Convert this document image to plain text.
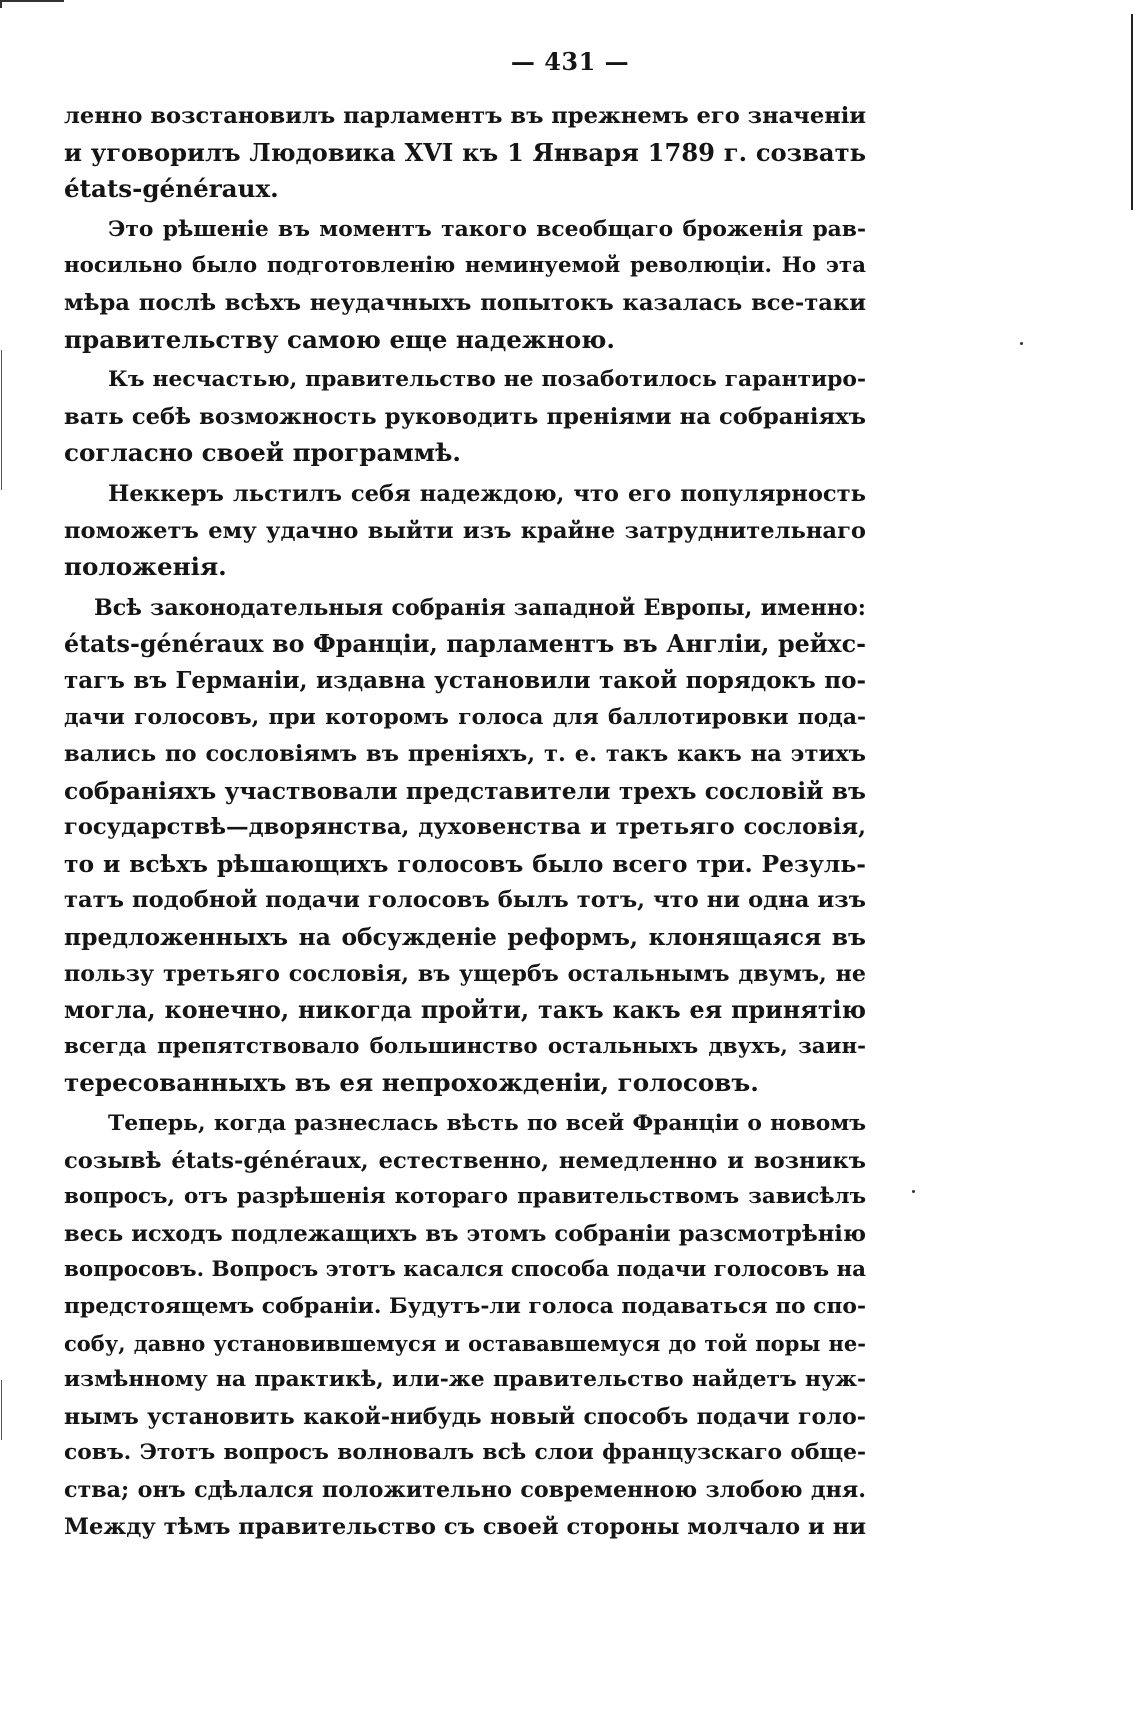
— 431 —
ленно возстановилъ парламентъ въ прежнемъ его значеніи
и уговорилъ Людовика XVI къ 1 Января 1789 г. созвать
états-généraux.
Это рѣшеніе въ моментъ такого всеобщаго броженія рав-
носильно было подготовленію неминуемой революціи. Но эта
мѣра послѣ всѣхъ неудачныхъ попытокъ казалась все-таки
правительству самою еще надежною.
Къ несчастью, правительство не позаботилось гарантиро-
вать себѣ возможность руководить преніями на собраніяхъ
согласно своей программѣ.
Неккеръ льстилъ себя надеждою, что его популярность
поможетъ ему удачно выйти изъ крайне затруднительнаго
положенія.
Всѣ законодательныя собранія западной Европы, именно:
états-généraux во Франціи, парламентъ въ Англіи, рейхс-
тагъ въ Германіи, издавна установили такой порядокъ по-
дачи голосовъ, при которомъ голоса для баллотировки пода-
вались по сословіямъ въ преніяхъ, т. е. такъ какъ на этихъ
собраніяхъ участвовали представители трехъ сословій въ
государствѣ—дворянства, духовенства и третьяго сословія,
то и всѣхъ рѣшающихъ голосовъ было всего три. Резуль-
татъ подобной подачи голосовъ былъ тотъ, что ни одна изъ
предложенныхъ на обсужденіе реформъ, клонящаяся въ
пользу третьяго сословія, въ ущербъ остальнымъ двумъ, не
могла, конечно, никогда пройти, такъ какъ ея принятію
всегда препятствовало большинство остальныхъ двухъ, заин-
тересованныхъ въ ея непрохожденіи, голосовъ.
Теперь, когда разнеслась вѣсть по всей Франціи о новомъ
созывѣ états-généraux, естественно, немедленно и возникъ
вопросъ, отъ разрѣшенія котораго правительствомъ зависѣлъ
весь исходъ подлежащихъ въ этомъ собраніи разсмотрѣнію
вопросовъ. Вопросъ этотъ касался способа подачи голосовъ на
предстоящемъ собраніи. Будутъ-ли голоса подаваться по спо-
собу, давно установившемуся и остававшемуся до той поры не-
измѣнному на практикѣ, или-же правительство найдетъ нуж-
нымъ установить какой-нибудь новый способъ подачи голо-
совъ. Этотъ вопросъ волновалъ всѣ слои французскаго обще-
ства; онъ сдѣлался положительно современною злобою дня.
Между тѣмъ правительство съ своей стороны молчало и ни
